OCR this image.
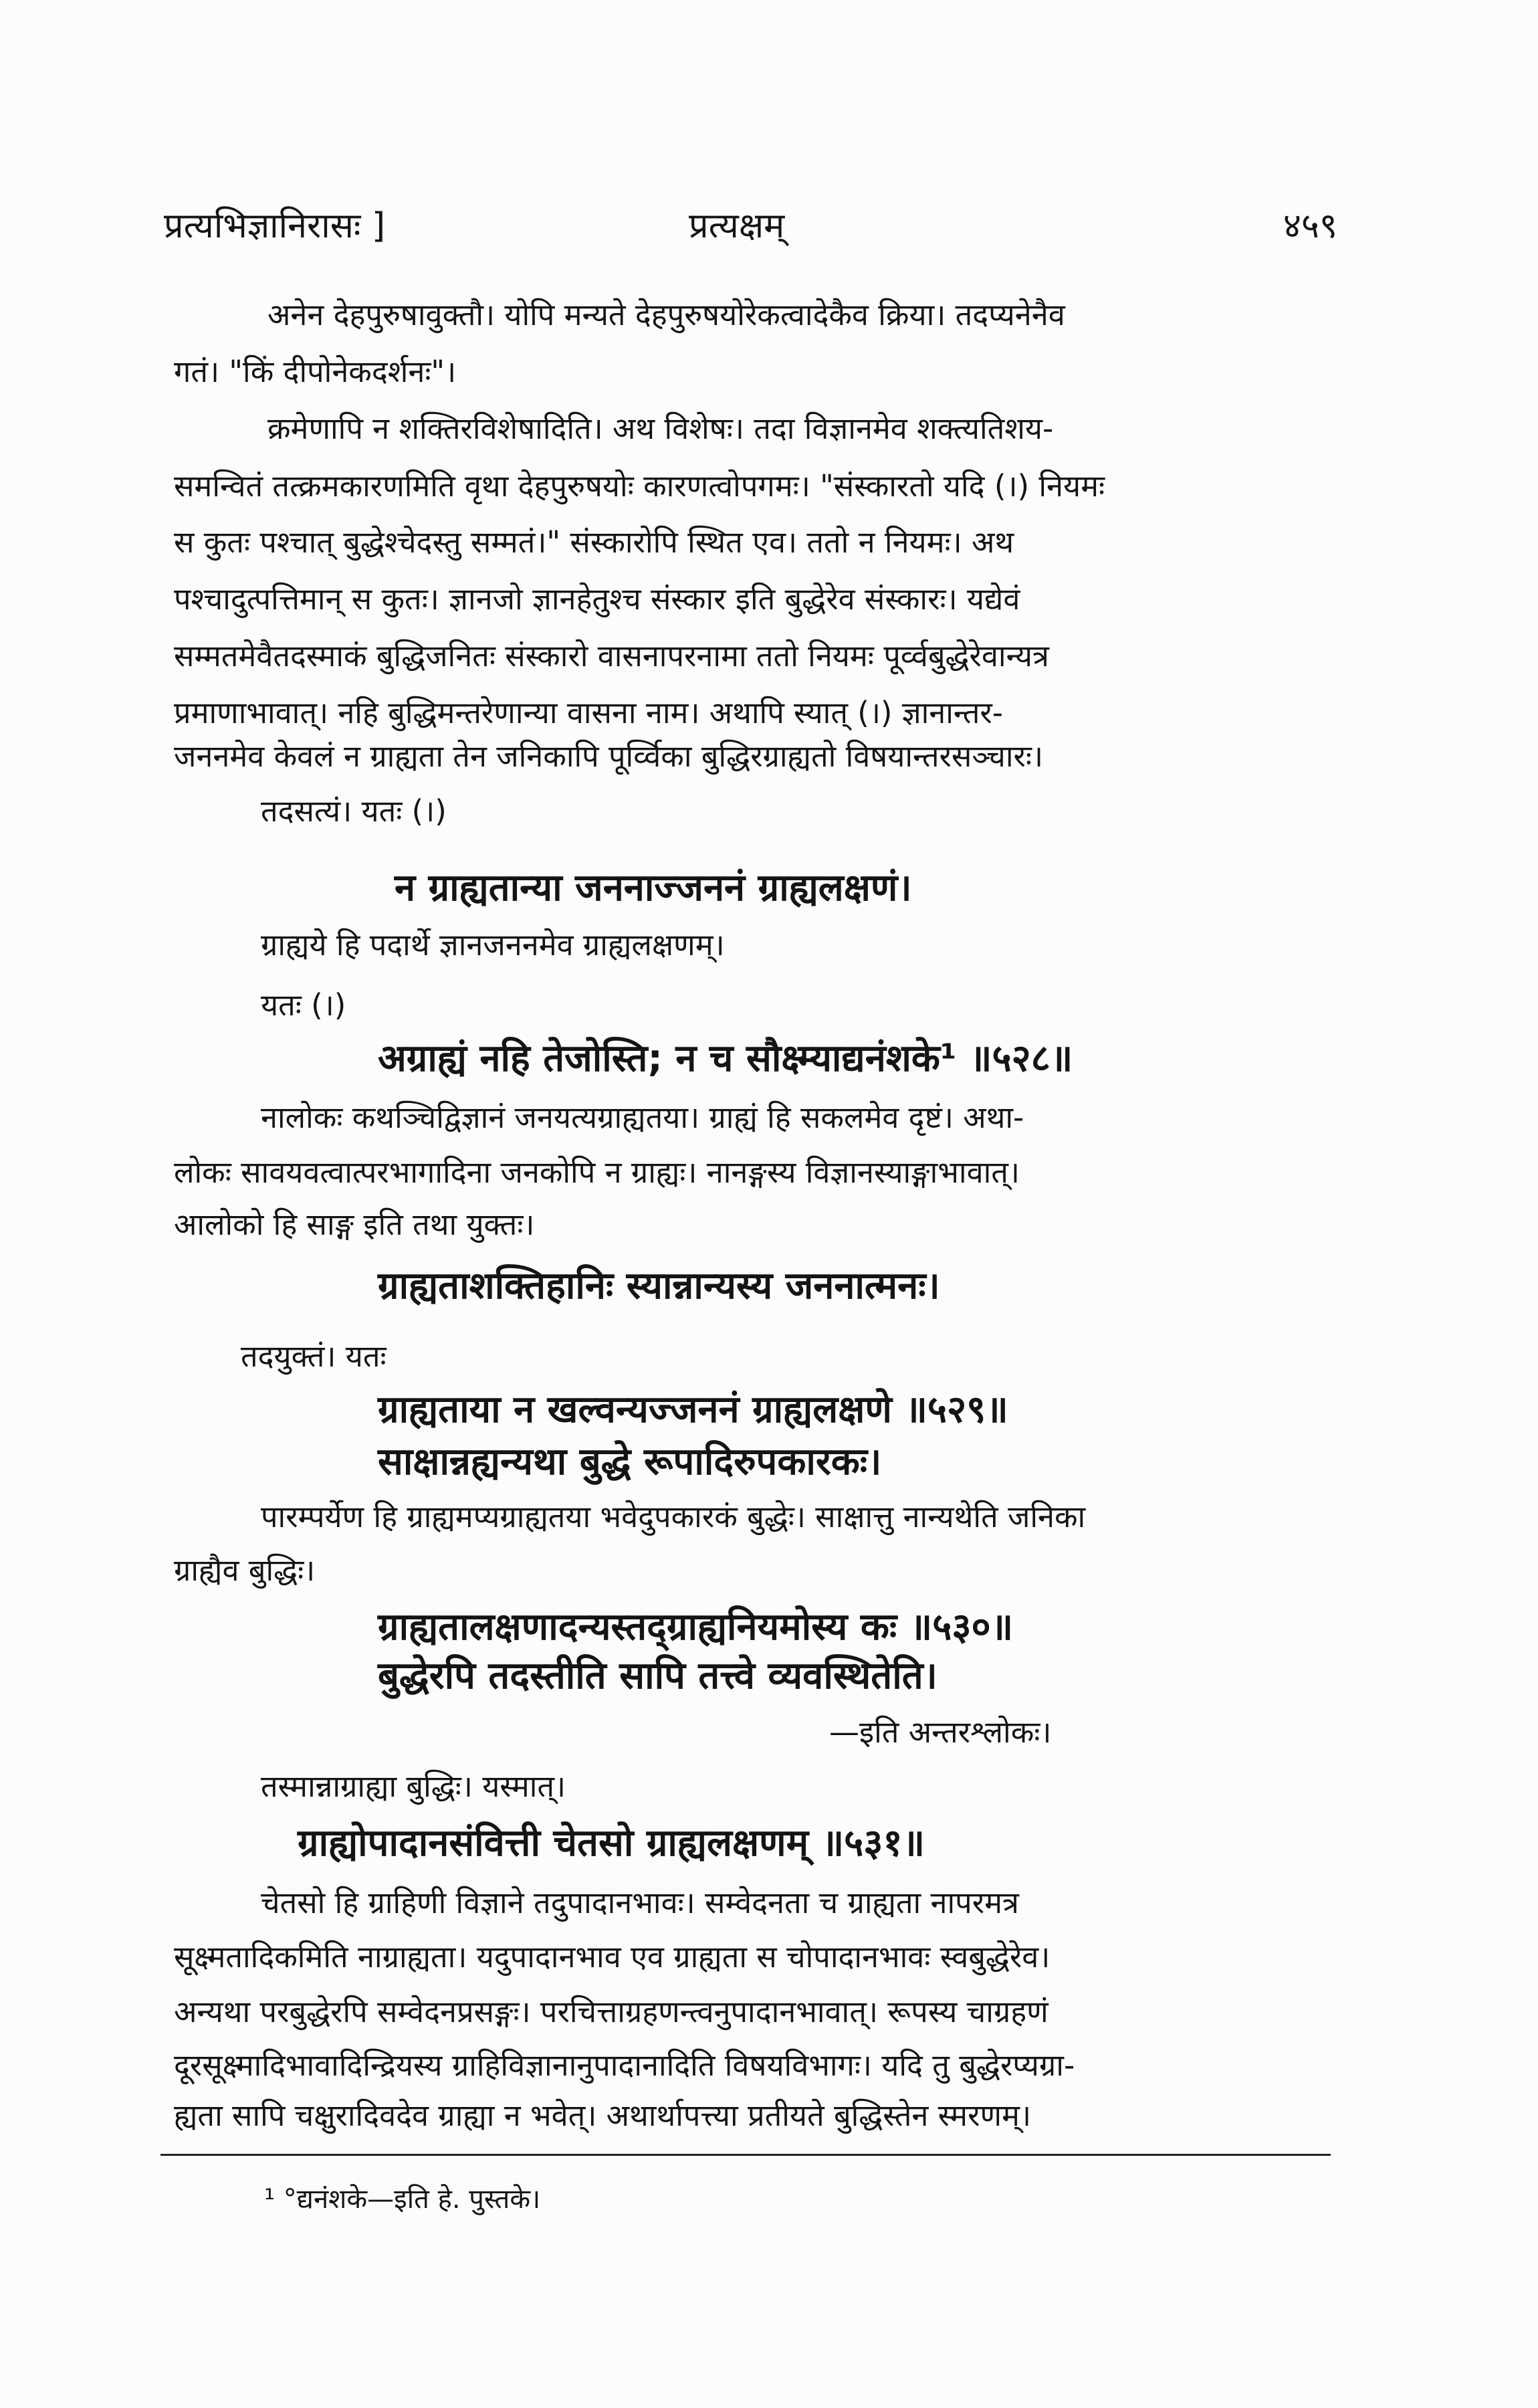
प्रत्यभिज्ञानिरासः ]	प्रत्यक्षम्	४५९
अनेन देहपुरुषावुक्तौ। योपि मन्यते देहपुरुषयोरेकत्वादेकैव क्रिया। तदप्यनेनैव
गतं। "किं दीपोनेकदर्शनः"।
क्रमेणापि न शक्तिरविशेषादिति। अथ विशेषः। तदा विज्ञानमेव शक्त्यतिशय-
समन्वितं तत्क्रमकारणमिति वृथा देहपुरुषयोः कारणत्वोपगमः। "संस्कारतो यदि (।) नियमः
स कुतः पश्चात् बुद्धेश्चेदस्तु सम्मतं।" संस्कारोपि स्थित एव। ततो न नियमः। अथ
पश्चादुत्पत्तिमान् स कुतः। ज्ञानजो ज्ञानहेतुश्च संस्कार इति बुद्धेरेव संस्कारः। यद्येवं
सम्मतमेवैतदस्माकं बुद्धिजनितः संस्कारो वासनापरनामा ततो नियमः पूर्व्वबुद्धेरेवान्यत्र
प्रमाणाभावात्। नहि बुद्धिमन्तरेणान्या वासना नाम। अथापि स्यात् (।) ज्ञानान्तर-
जननमेव केवलं न ग्राह्यता तेन जनिकापि पूर्व्विका बुद्धिरग्राह्यतो विषयान्तरसञ्चारः।
तदसत्यं। यतः (।)
न ग्राह्यतान्या जननाज्जननं ग्राह्यलक्षणं।
ग्राह्यये हि पदार्थे ज्ञानजननमेव ग्राह्यलक्षणम्।
यतः (।)
अग्राह्यं नहि तेजोस्ति; न च सौक्ष्म्याद्यनंशके¹ ॥५२८॥
नालोकः कथञ्चिद्विज्ञानं जनयत्यग्राह्यतया। ग्राह्यं हि सकलमेव दृष्टं। अथा-
लोकः सावयवत्वात्परभागादिना जनकोपि न ग्राह्यः। नानङ्गस्य विज्ञानस्याङ्गाभावात्।
आलोको हि साङ्ग इति तथा युक्तः।
ग्राह्यताशक्तिहानिः स्यान्नान्यस्य जननात्मनः।
तदयुक्तं। यतः
ग्राह्यताया न खल्वन्यज्जननं ग्राह्यलक्षणे ॥५२९॥
साक्षान्नह्यन्यथा बुद्धे रूपादिरुपकारकः।
पारम्पर्येण हि ग्राह्यमप्यग्राह्यतया भवेदुपकारकं बुद्धेः। साक्षात्तु नान्यथेति जनिका
ग्राह्यैव बुद्धिः।
ग्राह्यतालक्षणादन्यस्तद्ग्राह्यनियमोस्य कः ॥५३०॥
बुद्धेरपि तदस्तीति सापि तत्त्वे व्यवस्थितेति।
—इति अन्तरश्लोकः।
तस्मान्नाग्राह्या बुद्धिः। यस्मात्।
ग्राह्योपादानसंवित्ती चेतसो ग्राह्यलक्षणम् ॥५३१॥
चेतसो हि ग्राहिणी विज्ञाने तदुपादानभावः। सम्वेदनता च ग्राह्यता नापरमत्र
सूक्ष्मतादिकमिति नाग्राह्यता। यदुपादानभाव एव ग्राह्यता स चोपादानभावः स्वबुद्धेरेव।
अन्यथा परबुद्धेरपि सम्वेदनप्रसङ्गः। परचित्ताग्रहणन्त्वनुपादानभावात्। रूपस्य चाग्रहणं
दूरसूक्ष्मादिभावादिन्द्रियस्य ग्राहिविज्ञानानुपादानादिति विषयविभागः। यदि तु बुद्धेरप्यग्रा-
ह्यता सापि चक्षुरादिवदेव ग्राह्या न भवेत्। अथार्थापत्त्या प्रतीयते बुद्धिस्तेन स्मरणम्।
¹ °द्यनंशके—इति हे. पुस्तके।
